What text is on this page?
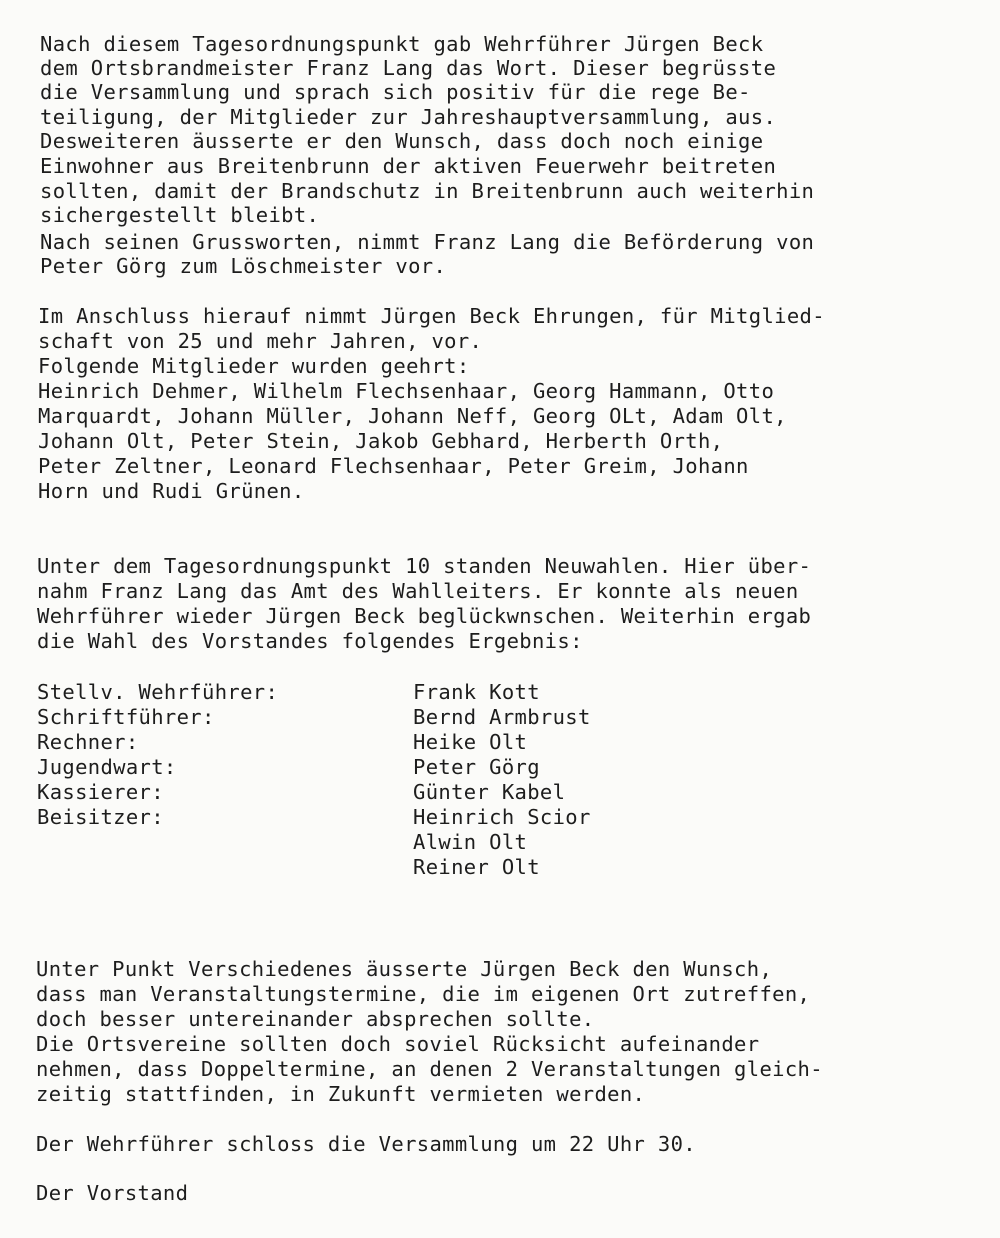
Nach diesem Tagesordnungspunkt gab Wehrführer Jürgen Beck
dem Ortsbrandmeister Franz Lang das Wort. Dieser begrüsste
die Versammlung und sprach sich positiv für die rege Be-
teiligung, der Mitglieder zur Jahreshauptversammlung, aus.
Desweiteren äusserte er den Wunsch, dass doch noch einige
Einwohner aus Breitenbrunn der aktiven Feuerwehr beitreten
sollten, damit der Brandschutz in Breitenbrunn auch weiterhin
sichergestellt bleibt.
Nach seinen Grussworten, nimmt Franz Lang die Beförderung von
Peter Görg zum Löschmeister vor.
Im Anschluss hierauf nimmt Jürgen Beck Ehrungen, für Mitglied-
schaft von 25 und mehr Jahren, vor.
Folgende Mitglieder wurden geehrt:
Heinrich Dehmer, Wilhelm Flechsenhaar, Georg Hammann, Otto
Marquardt, Johann Müller, Johann Neff, Georg OLt, Adam Olt,
Johann Olt, Peter Stein, Jakob Gebhard, Herberth Orth,
Peter Zeltner, Leonard Flechsenhaar, Peter Greim, Johann
Horn und Rudi Grünen.
Unter dem Tagesordnungspunkt 10 standen Neuwahlen. Hier über-
nahm Franz Lang das Amt des Wahlleiters. Er konnte als neuen
Wehrführer wieder Jürgen Beck beglückwnschen. Weiterhin ergab
die Wahl des Vorstandes folgendes Ergebnis:
Stellv. Wehrführer:
Schriftführer:
Rechner:
Jugendwart:
Kassierer:
Beisitzer:
Frank Kott
Bernd Armbrust
Heike Olt
Peter Görg
Günter Kabel
Heinrich Scior
Alwin Olt
Reiner Olt
Unter Punkt Verschiedenes äusserte Jürgen Beck den Wunsch,
dass man Veranstaltungstermine, die im eigenen Ort zutreffen,
doch besser untereinander absprechen sollte.
Die Ortsvereine sollten doch soviel Rücksicht aufeinander
nehmen, dass Doppeltermine, an denen 2 Veranstaltungen gleich-
zeitig stattfinden, in Zukunft vermieten werden.
Der Wehrführer schloss die Versammlung um 22 Uhr 30.
Der Vorstand
